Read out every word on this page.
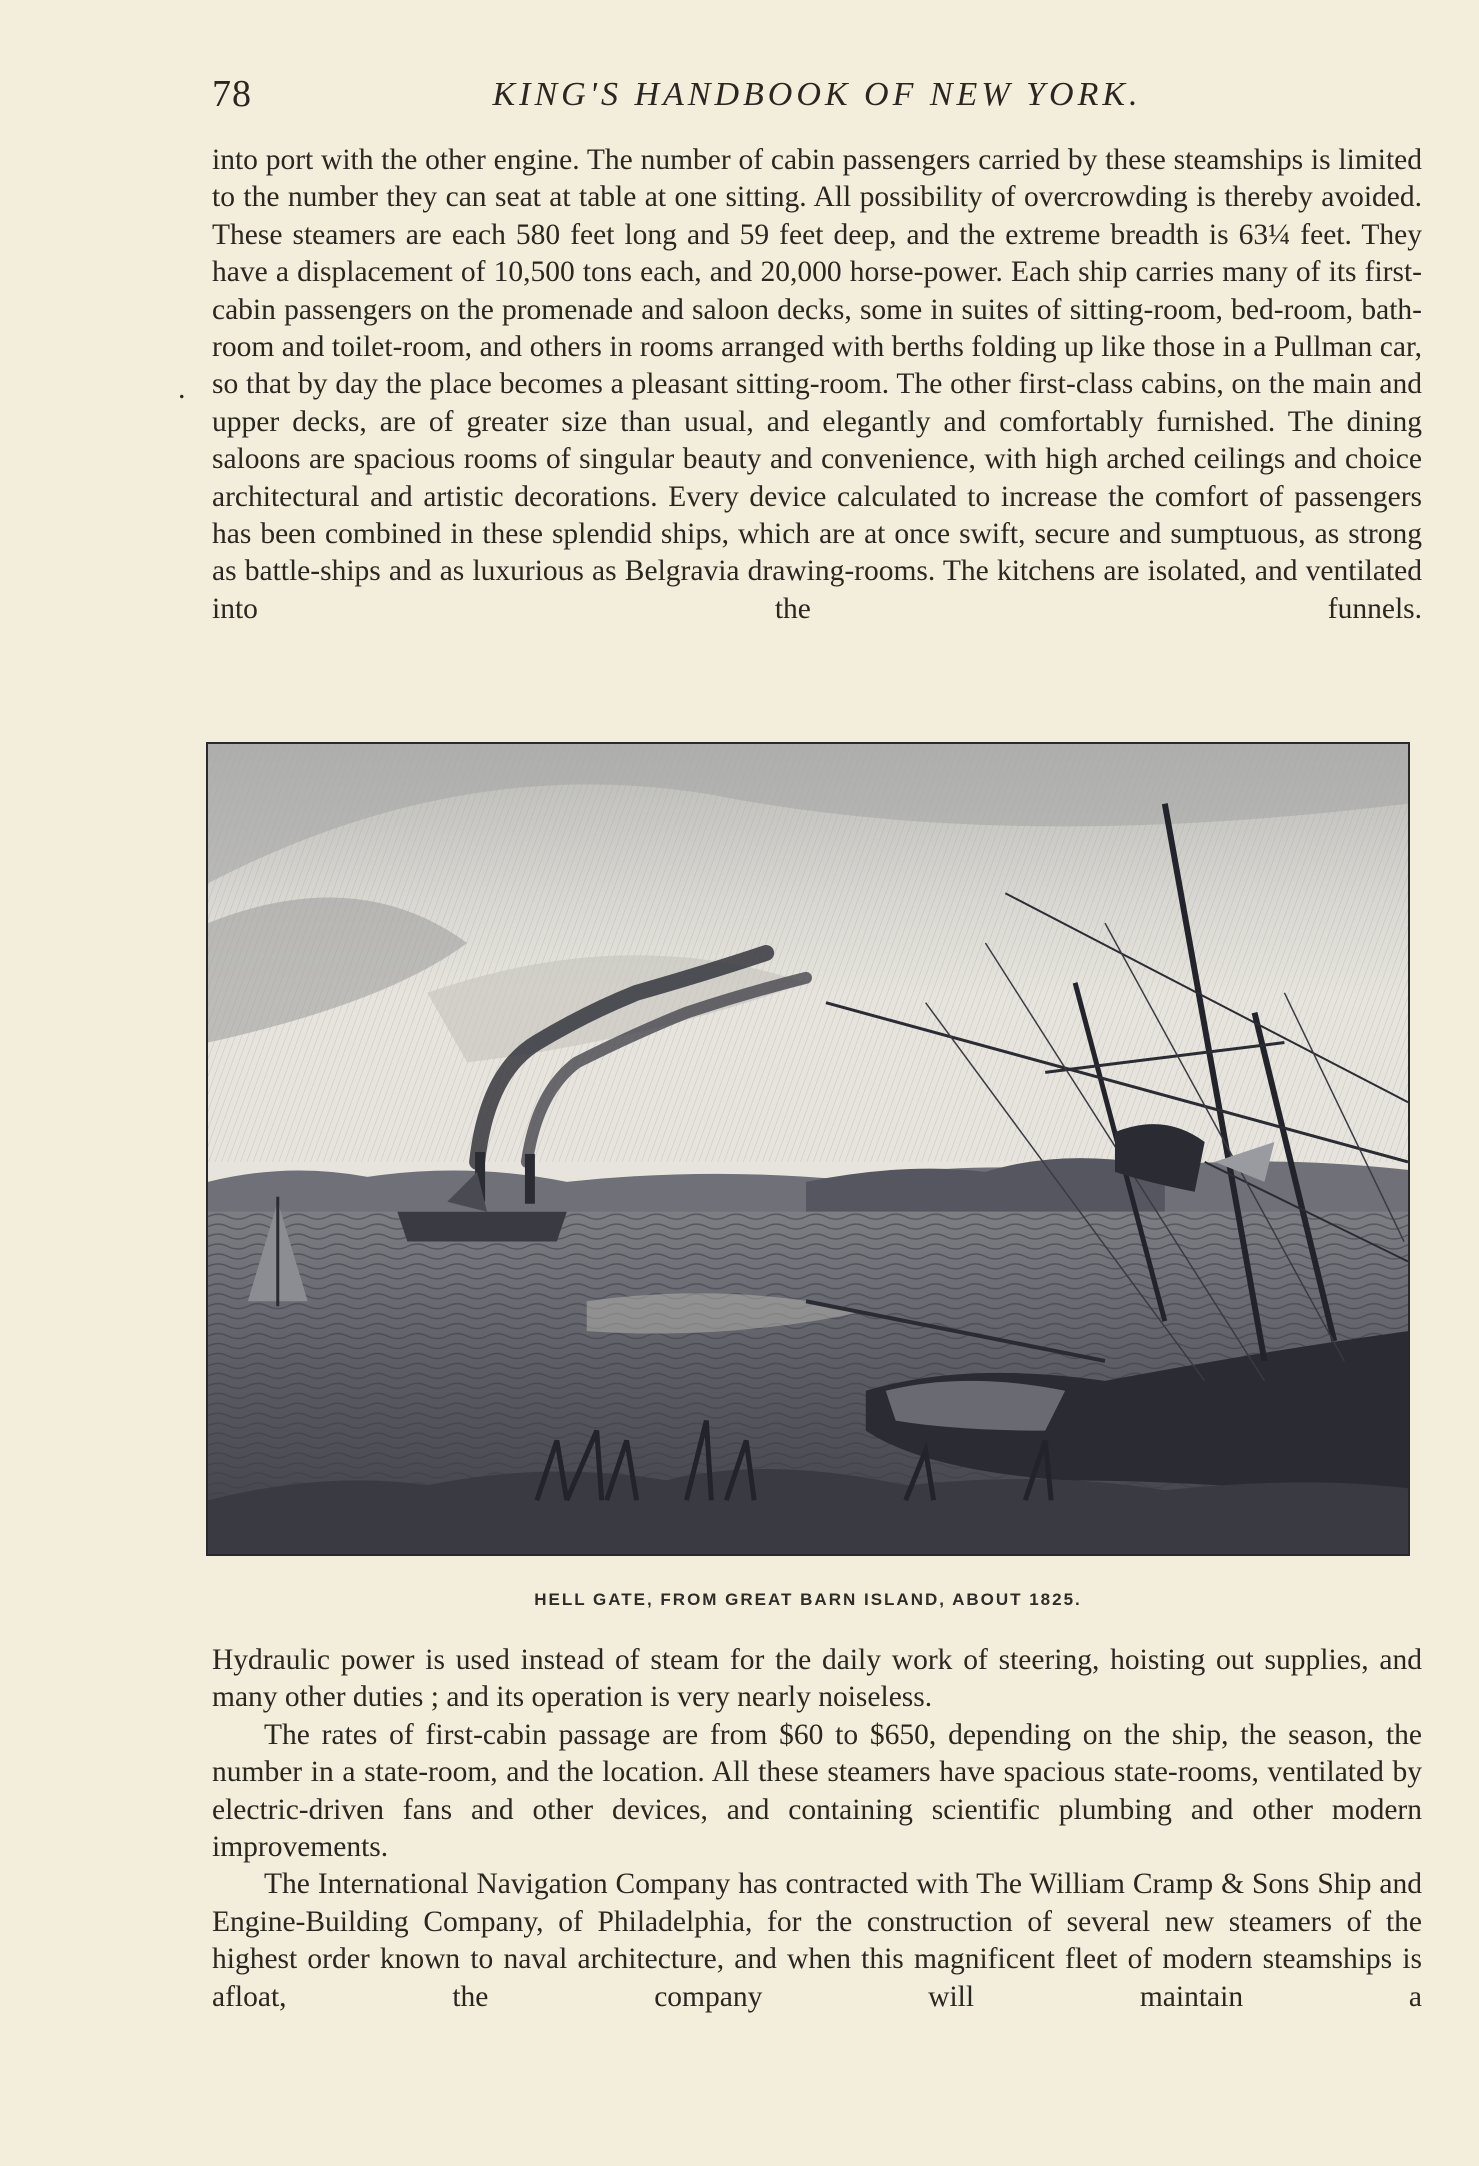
78	KING'S HANDBOOK OF NEW YORK.
.

into port with the other engine. The number of cabin passengers carried by these steamships is limited to the number they can seat at table at one sitting. All possibility of overcrowding is thereby avoided. These steamers are each 580 feet long and 59 feet deep, and the extreme breadth is 63¼ feet. They have a displacement of 10,500 tons each, and 20,000 horse-power. Each ship carries many of its first-cabin passengers on the promenade and saloon decks, some in suites of sitting-room, bed-room, bath-room and toilet-room, and others in rooms arranged with berths folding up like those in a Pullman car, so that by day the place becomes a pleasant sitting-room. The other first-class cabins, on the main and upper decks, are of greater size than usual, and elegantly and comfortably furnished. The dining saloons are spacious rooms of singular beauty and convenience, with high arched ceilings and choice architectural and artistic decorations. Every device calculated to increase the comfort of passengers has been combined in these splendid ships, which are at once swift, secure and sumptuous, as strong as battle-ships and as luxurious as Belgravia drawing-rooms. The kitchens are isolated, and ventilated into the funnels.

HELL GATE, FROM GREAT BARN ISLAND, ABOUT 1825.

Hydraulic power is used instead of steam for the daily work of steering, hoisting out supplies, and many other duties ; and its operation is very nearly noiseless.

The rates of first-cabin passage are from $60 to $650, depending on the ship, the season, the number in a state-room, and the location. All these steamers have spacious state-rooms, ventilated by electric-driven fans and other devices, and containing scientific plumbing and other modern improvements.

The International Navigation Company has contracted with The William Cramp & Sons Ship and Engine-Building Company, of Philadelphia, for the construction of several new steamers of the highest order known to naval architecture, and when this magnificent fleet of modern steamships is afloat, the company will maintain a
